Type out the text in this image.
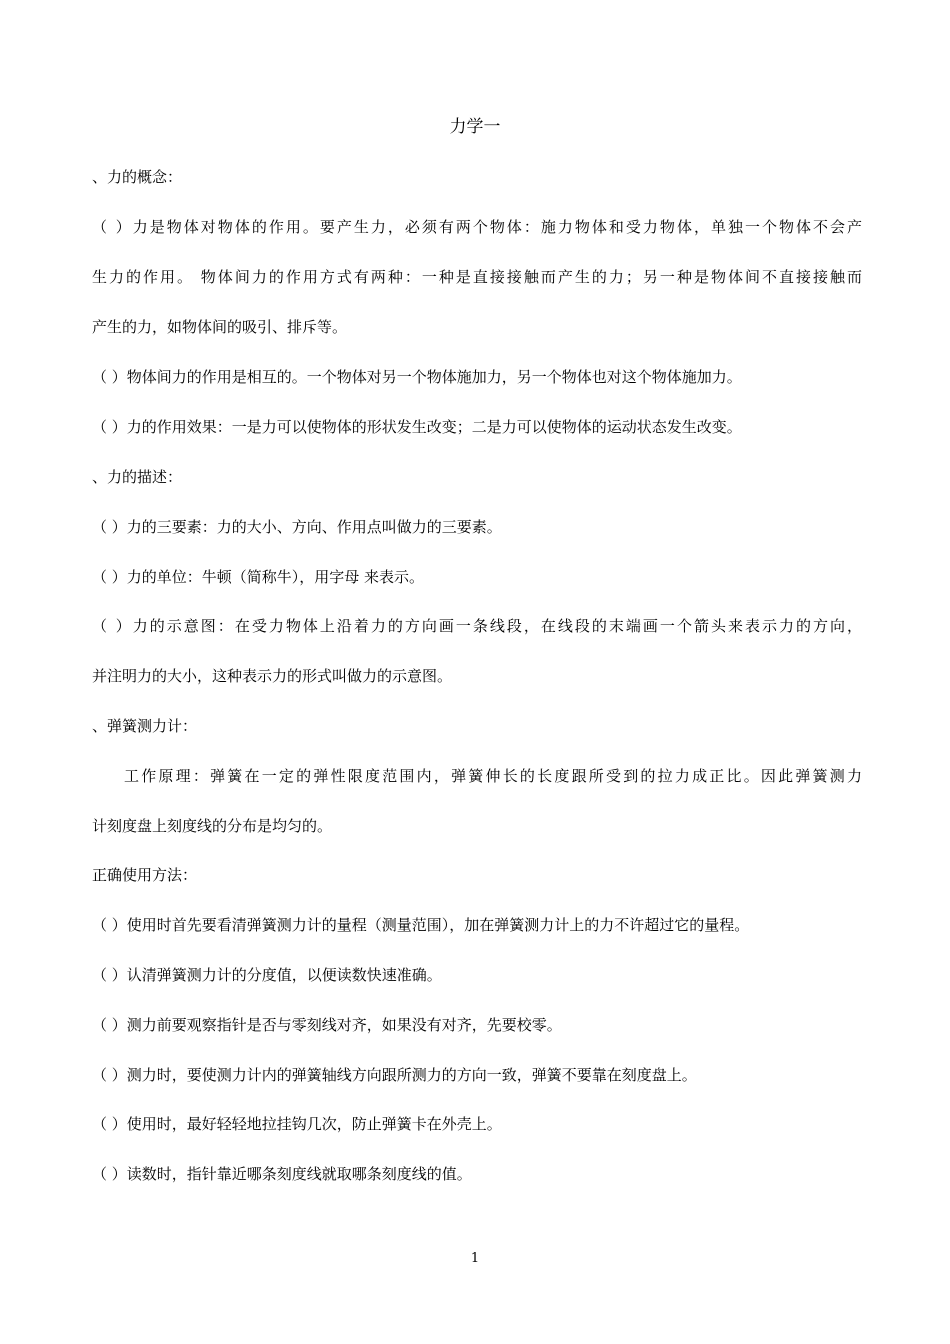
力学一
、力的概念：
（ ）力是物体对物体的作用。要产生力，必须有两个物体：施力物体和受力物体，单独一个物体不会产
生力的作用。 物体间力的作用方式有两种：一种是直接接触而产生的力；另一种是物体间不直接接触而
产生的力，如物体间的吸引、排斥等。
（ ）物体间力的作用是相互的。一个物体对另一个物体施加力，另一个物体也对这个物体施加力。
（ ）力的作用效果：一是力可以使物体的形状发生改变；二是力可以使物体的运动状态发生改变。
、力的描述：
（ ）力的三要素：力的大小、方向、作用点叫做力的三要素。
（ ）力的单位：牛顿（简称牛），用字母 来表示。
（ ）力的示意图：在受力物体上沿着力的方向画一条线段，在线段的末端画一个箭头来表示力的方向，
并注明力的大小，这种表示力的形式叫做力的示意图。
、弹簧测力计：
工作原理：弹簧在一定的弹性限度范围内，弹簧伸长的长度跟所受到的拉力成正比。因此弹簧测力
计刻度盘上刻度线的分布是均匀的。
正确使用方法：
（ ）使用时首先要看清弹簧测力计的量程（测量范围），加在弹簧测力计上的力不许超过它的量程。
（ ）认清弹簧测力计的分度值，以便读数快速准确。
（ ）测力前要观察指针是否与零刻线对齐，如果没有对齐，先要校零。
（ ）测力时，要使测力计内的弹簧轴线方向跟所测力的方向一致，弹簧不要靠在刻度盘上。
（ ）使用时，最好轻轻地拉挂钩几次，防止弹簧卡在外壳上。
（ ）读数时，指针靠近哪条刻度线就取哪条刻度线的值。
1
